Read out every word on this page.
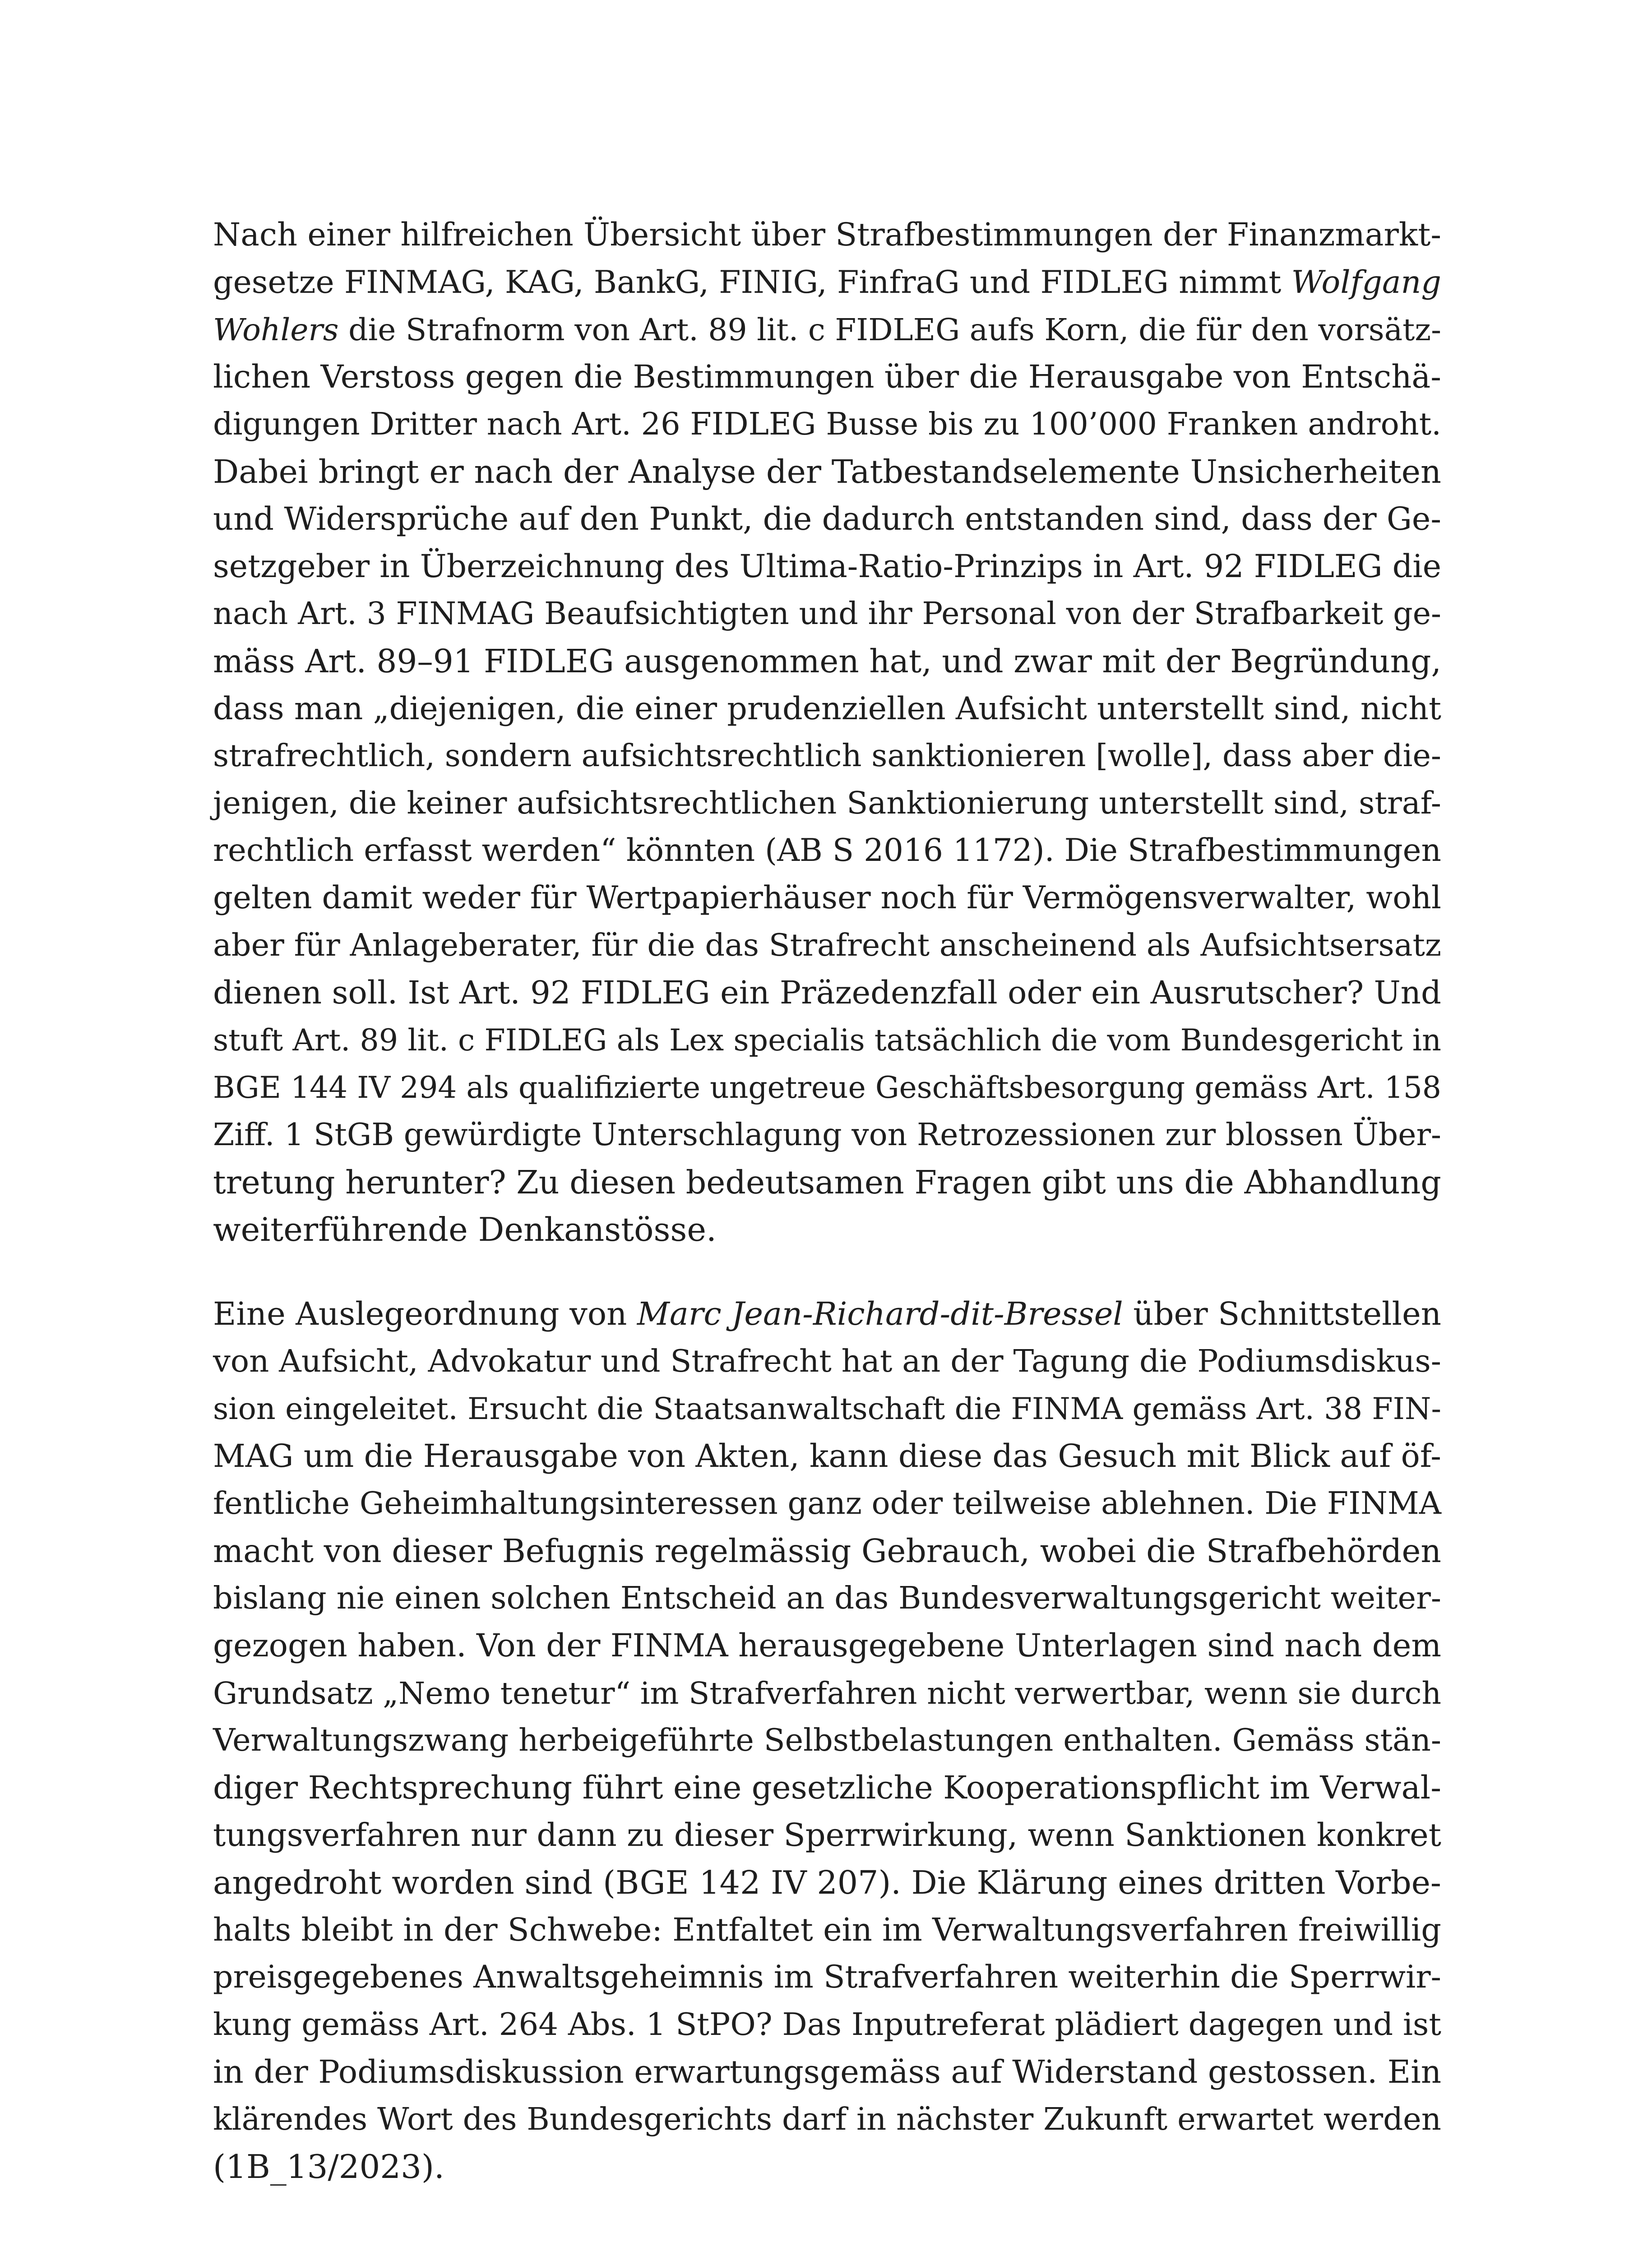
Nach einer hilfreichen Übersicht über Strafbestimmungen der Finanzmarkt-
gesetze FINMAG, KAG, BankG, FINIG, FinfraG und FIDLEG nimmt Wolfgang
Wohlers die Strafnorm von Art. 89 lit. c FIDLEG aufs Korn, die für den vorsätz-
lichen Verstoss gegen die Bestimmungen über die Herausgabe von Entschä-
digungen Dritter nach Art. 26 FIDLEG Busse bis zu 100’000 Franken androht.
Dabei bringt er nach der Analyse der Tatbestandselemente Unsicherheiten
und Widersprüche auf den Punkt, die dadurch entstanden sind, dass der Ge-
setzgeber in Überzeichnung des Ultima-Ratio-Prinzips in Art. 92 FIDLEG die
nach Art. 3 FINMAG Beaufsichtigten und ihr Personal von der Strafbarkeit ge-
mäss Art. 89–91 FIDLEG ausgenommen hat, und zwar mit der Begründung,
dass man „diejenigen, die einer prudenziellen Aufsicht unterstellt sind, nicht
strafrechtlich, sondern aufsichtsrechtlich sanktionieren [wolle], dass aber die-
jenigen, die keiner aufsichtsrechtlichen Sanktionierung unterstellt sind, straf-
rechtlich erfasst werden“ könnten (AB S 2016 1172). Die Strafbestimmungen
gelten damit weder für Wertpapierhäuser noch für Vermögensverwalter, wohl
aber für Anlageberater, für die das Strafrecht anscheinend als Aufsichtsersatz
dienen soll. Ist Art. 92 FIDLEG ein Präzedenzfall oder ein Ausrutscher? Und
stuft Art. 89 lit. c FIDLEG als Lex specialis tatsächlich die vom Bundesgericht in
BGE 144 IV 294 als qualifizierte ungetreue Geschäftsbesorgung gemäss Art. 158
Ziff. 1 StGB gewürdigte Unterschlagung von Retrozessionen zur blossen Über-
tretung herunter? Zu diesen bedeutsamen Fragen gibt uns die Abhandlung
weiterführende Denkanstösse.
Eine Auslegeordnung von Marc Jean-Richard-dit-Bressel über Schnittstellen
von Aufsicht, Advokatur und Strafrecht hat an der Tagung die Podiumsdiskus-
sion eingeleitet. Ersucht die Staatsanwaltschaft die FINMA gemäss Art. 38 FIN-
MAG um die Herausgabe von Akten, kann diese das Gesuch mit Blick auf öf-
fentliche Geheimhaltungsinteressen ganz oder teilweise ablehnen. Die FINMA
macht von dieser Befugnis regelmässig Gebrauch, wobei die Strafbehörden
bislang nie einen solchen Entscheid an das Bundesverwaltungsgericht weiter-
gezogen haben. Von der FINMA herausgegebene Unterlagen sind nach dem
Grundsatz „Nemo tenetur“ im Strafverfahren nicht verwertbar, wenn sie durch
Verwaltungszwang herbeigeführte Selbstbelastungen enthalten. Gemäss stän-
diger Rechtsprechung führt eine gesetzliche Kooperationspflicht im Verwal-
tungsverfahren nur dann zu dieser Sperrwirkung, wenn Sanktionen konkret
angedroht worden sind (BGE 142 IV 207). Die Klärung eines dritten Vorbe-
halts bleibt in der Schwebe: Entfaltet ein im Verwaltungsverfahren freiwillig
preisgegebenes Anwaltsgeheimnis im Strafverfahren weiterhin die Sperrwir-
kung gemäss Art. 264 Abs. 1 StPO? Das Inputreferat plädiert dagegen und ist
in der Podiumsdiskussion erwartungsgemäss auf Widerstand gestossen. Ein
klärendes Wort des Bundesgerichts darf in nächster Zukunft erwartet werden
(1B_13/2023).
